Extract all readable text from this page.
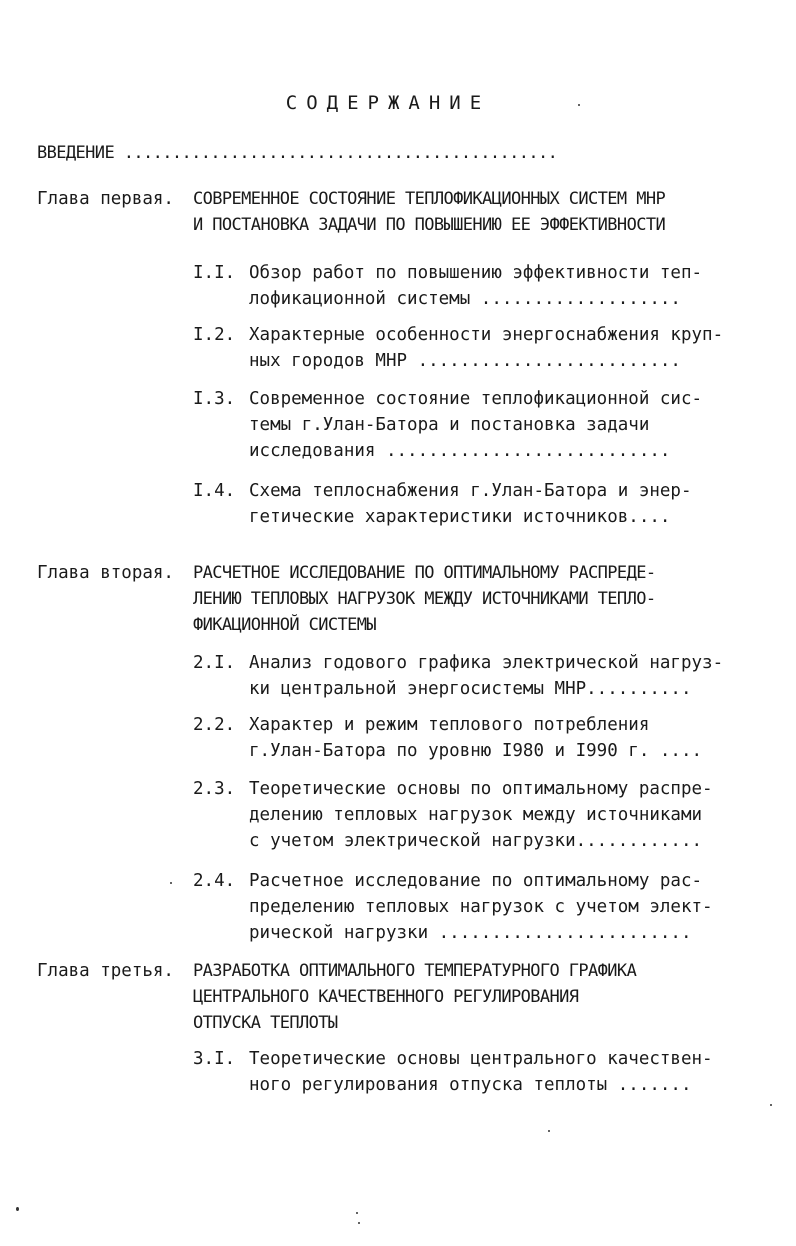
СОДЕРЖАНИЕ
ВВЕДЕНИЕ .............................................
Глава первая. СОВРЕМЕННОЕ СОСТОЯНИЕ ТЕПЛОФИКАЦИОННЫХ СИСТЕМ МНР
И ПОСТАНОВКА ЗАДАЧИ ПО ПОВЫШЕНИЮ ЕЕ ЭФФЕКТИВНОСТИ
I.I. Обзор работ по повышению эффективности теп-
лофикационной системы ...................
I.2. Характерные особенности энергоснабжения круп-
ных городов МНР .........................
I.3. Современное состояние теплофикационной сис-
темы г.Улан-Батора и постановка задачи
исследования ...........................
I.4. Схема теплоснабжения г.Улан-Батора и энер-
гетические характеристики источников....
Глава вторая. РАСЧЕТНОЕ ИССЛЕДОВАНИЕ ПО ОПТИМАЛЬНОМУ РАСПРЕДЕ-
ЛЕНИЮ ТЕПЛОВЫХ НАГРУЗОК МЕЖДУ ИСТОЧНИКАМИ ТЕПЛО-
ФИКАЦИОННОЙ СИСТЕМЫ
2.I. Анализ годового графика электрической нагруз-
ки центральной энергосистемы МНР..........
2.2. Характер и режим теплового потребления
г.Улан-Батора по уровню I980 и I990 г. ....
2.3. Теоретические основы по оптимальному распре-
делению тепловых нагрузок между источниками
с учетом электрической нагрузки............
2.4. Расчетное исследование по оптимальному рас-
пределению тепловых нагрузок с учетом элект-
рической нагрузки ........................
Глава третья. РАЗРАБОТКА ОПТИМАЛЬНОГО ТЕМПЕРАТУРНОГО ГРАФИКА
ЦЕНТРАЛЬНОГО КАЧЕСТВЕННОГО РЕГУЛИРОВАНИЯ
ОТПУСКА ТЕПЛОТЫ
3.I. Теоретические основы центрального качествен-
ного регулирования отпуска теплоты .......
